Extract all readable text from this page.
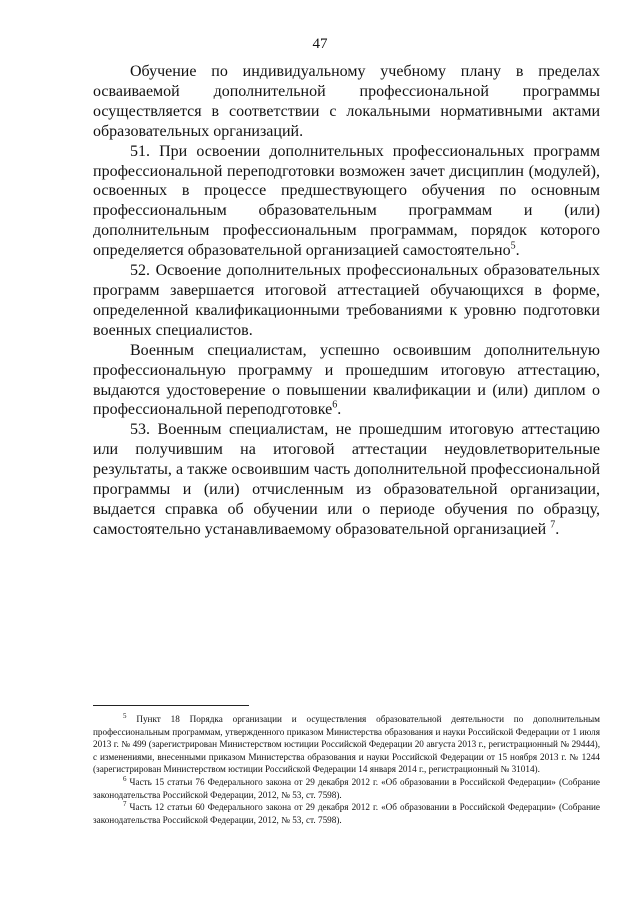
47

Обучение по индивидуальному учебному плану в пределах осваиваемой дополнительной профессиональной программы осуществляется в соответствии с локальными нормативными актами образовательных организаций.

51. При освоении дополнительных профессиональных программ профессиональной переподготовки возможен зачет дисциплин (модулей), освоенных в процессе предшествующего обучения по основным профессиональным образовательным программам и (или) дополнительным профессиональным программам, порядок которого определяется образовательной организацией самостоятельно$^5$.

52. Освоение дополнительных профессиональных образовательных программ завершается итоговой аттестацией обучающихся в форме, определенной квалификационными требованиями к уровню подготовки военных специалистов.

Военным специалистам, успешно освоившим дополнительную профессиональную программу и прошедшим итоговую аттестацию, выдаются удостоверение о повышении квалификации и (или) диплом о профессиональной переподготовке$^6$.

53. Военным специалистам, не прошедшим итоговую аттестацию или получившим на итоговой аттестации неудовлетворительные результаты, а также освоившим часть дополнительной профессиональной программы и (или) отчисленным из образовательной организации, выдается справка об обучении или о периоде обучения по образцу, самостоятельно устанавливаемому образовательной организацией $^7$.

$^5$ Пункт 18 Порядка организации и осуществления образовательной деятельности по дополнительным профессиональным программам, утвержденного приказом Министерства образования и науки Российской Федерации от 1 июля 2013 г. № 499 (зарегистрирован Министерством юстиции Российской Федерации 20 августа 2013 г., регистрационный № 29444), с изменениями, внесенными приказом Министерства образования и науки Российской Федерации от 15 ноября 2013 г. № 1244 (зарегистрирован Министерством юстиции Российской Федерации 14 января 2014 г., регистрационный № 31014).

$^6$ Часть 15 статьи 76 Федерального закона от 29 декабря 2012 г. «Об образовании в Российской Федерации» (Собрание законодательства Российской Федерации, 2012, № 53, ст. 7598).

$^7$ Часть 12 статьи 60 Федерального закона от 29 декабря 2012 г. «Об образовании в Российской Федерации» (Собрание законодательства Российской Федерации, 2012, № 53, ст. 7598).
